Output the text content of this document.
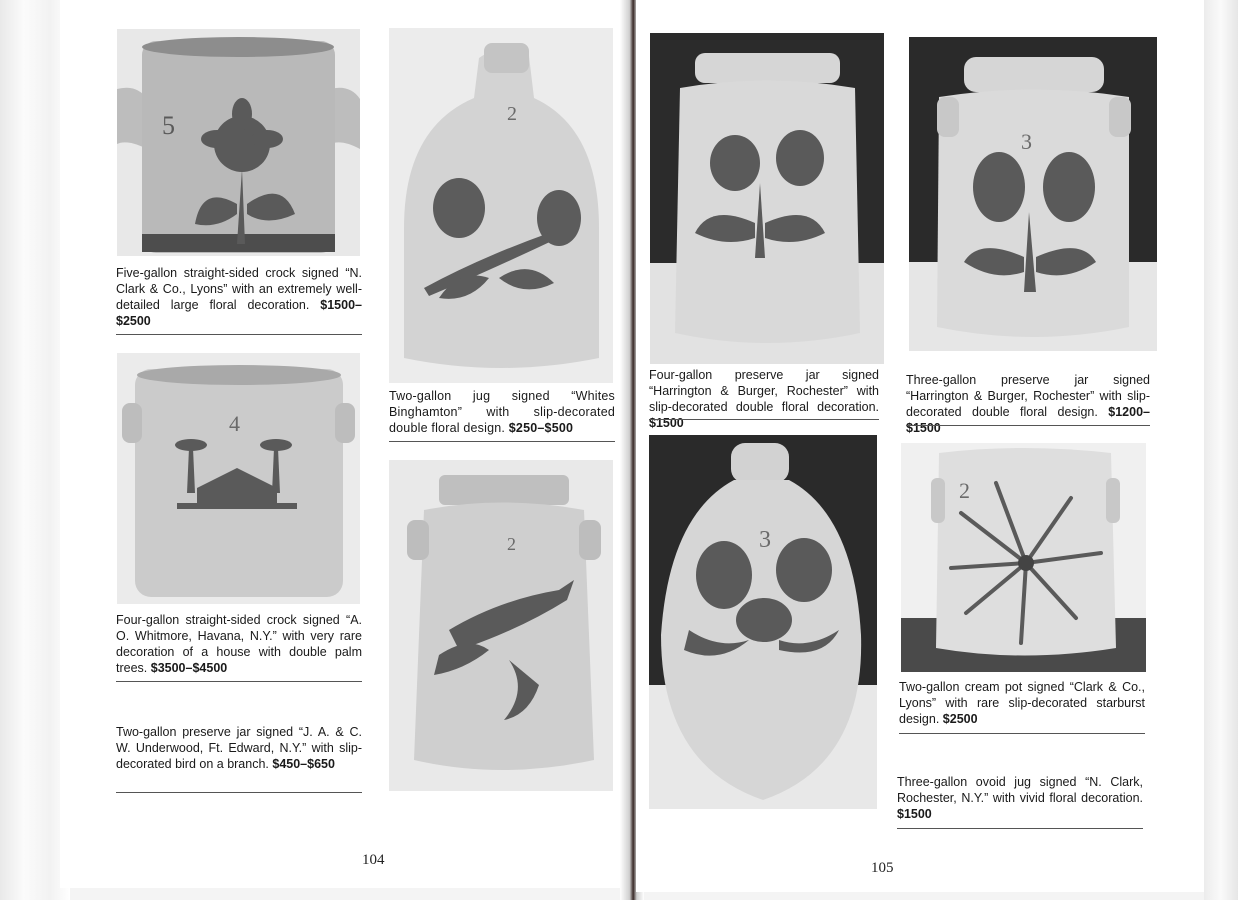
5
Five-gallon straight-sided crock signed “N. Clark & Co., Lyons” with an extremely well-detailed large floral decoration. $1500–$2500
2
Two-gallon jug signed “Whites Binghamton” with slip-decorated double floral design. $250–$500
4
Four-gallon straight-sided crock signed “A. O. Whitmore, Havana, N.Y.” with very rare decoration of a house with double palm trees. $3500–$4500
2
Two-gallon preserve jar signed “J. A. & C. W. Underwood, Ft. Edward, N.Y.” with slip-decorated bird on a branch. $450–$650
104
Four-gallon preserve jar signed “Harrington & Burger, Rochester” with slip-decorated double floral decoration. $1500
3
Three-gallon preserve jar signed “Harrington & Burger, Rochester” with slip-decorated double floral design. $1200–$1500
3
2
Two-gallon cream pot signed “Clark & Co., Lyons” with rare slip-decorated starburst design. $2500
Three-gallon ovoid jug signed “N. Clark, Rochester, N.Y.” with vivid floral decoration. $1500
105
